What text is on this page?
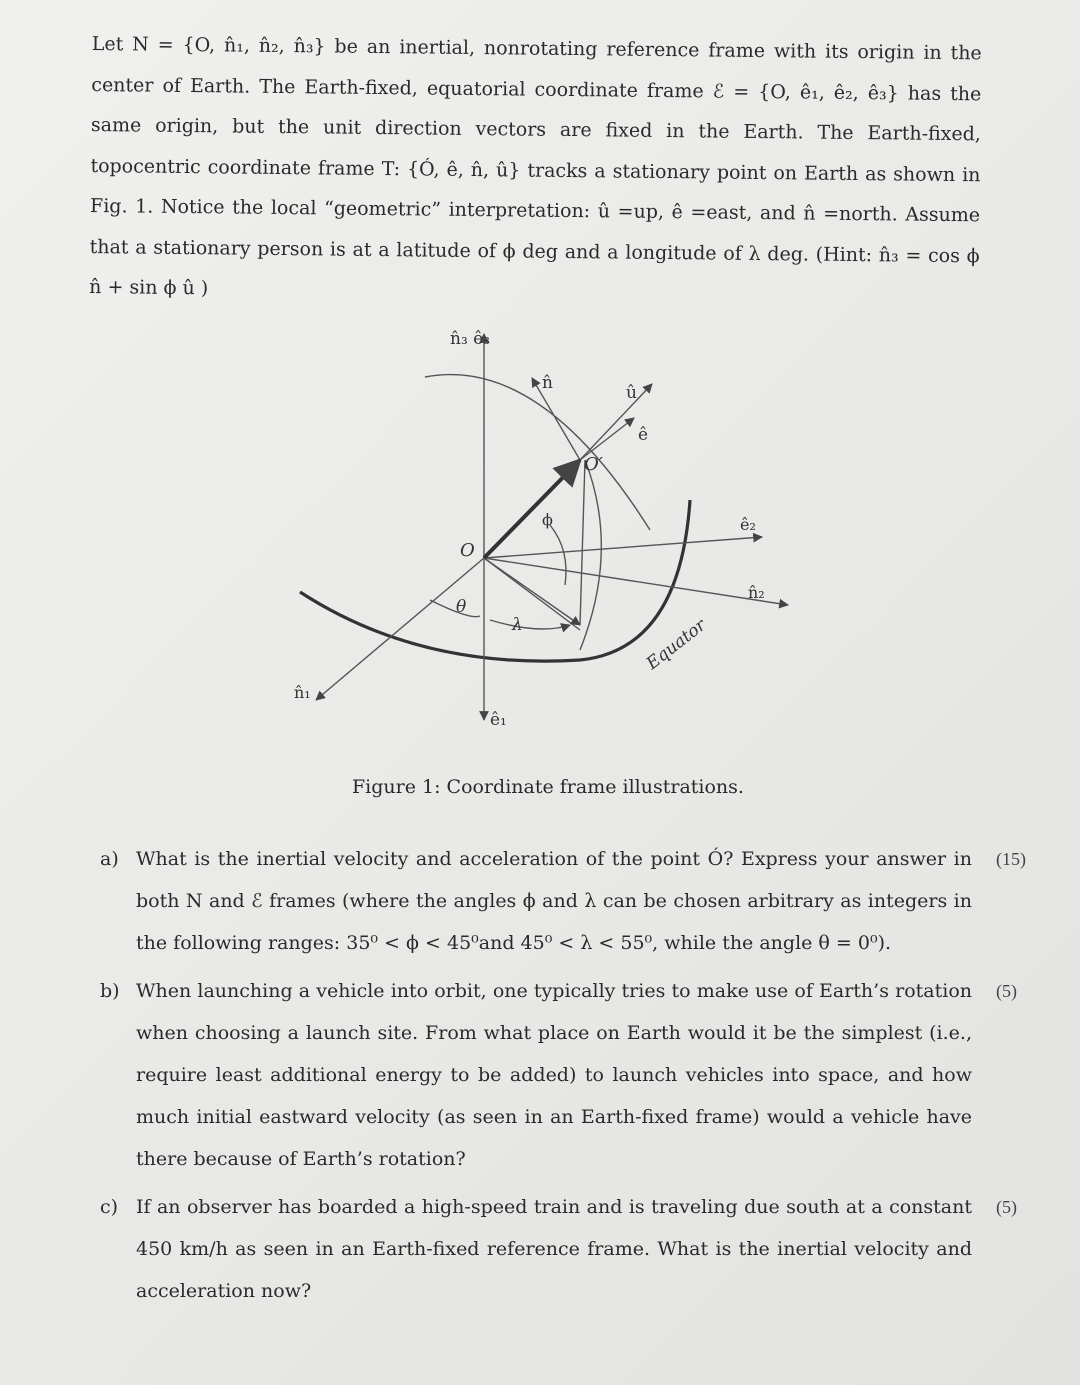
Let N = {O, n̂₁, n̂₂, n̂₃} be an inertial, nonrotating reference frame with its origin in the center of Earth. The Earth-fixed, equatorial coordinate frame ℰ = {O, ê₁, ê₂, ê₃} has the same origin, but the unit direction vectors are fixed in the Earth. The Earth-fixed, topocentric coordinate frame T: {Ó, ê, n̂, û} tracks a stationary point on Earth as shown in Fig. 1. Notice the local “geometric” interpretation: û =up, ê =east, and n̂ =north. Assume that a stationary person is at a latitude of ϕ deg and a longitude of λ deg. (Hint: n̂₃ = cos ϕ n̂ + sin ϕ û )

n̂₃ ê₃
n̂	û
ê
O′
ϕ	ê₂
O
n̂₂
θ
λ	Equator
n̂₁
ê₁
Figure 1: Coordinate frame illustrations.
a) What is the inertial velocity and acceleration of the point Ó? Express your answer in both N and ℰ frames (where the angles ϕ and λ can be chosen arbitrary as integers in the following ranges: 35⁰ < ϕ < 45⁰and 45⁰ < λ < 55⁰, while the angle θ = 0⁰).
(15)
b) When launching a vehicle into orbit, one typically tries to make use of Earth’s rotation when choosing a launch site. From what place on Earth would it be the simplest (i.e., require least additional energy to be added) to launch vehicles into space, and how much initial eastward velocity (as seen in an Earth-fixed frame) would a vehicle have there because of Earth’s rotation?
(5)
c) If an observer has boarded a high-speed train and is traveling due south at a constant 450 km/h as seen in an Earth-fixed reference frame. What is the inertial velocity and acceleration now?
(5)
